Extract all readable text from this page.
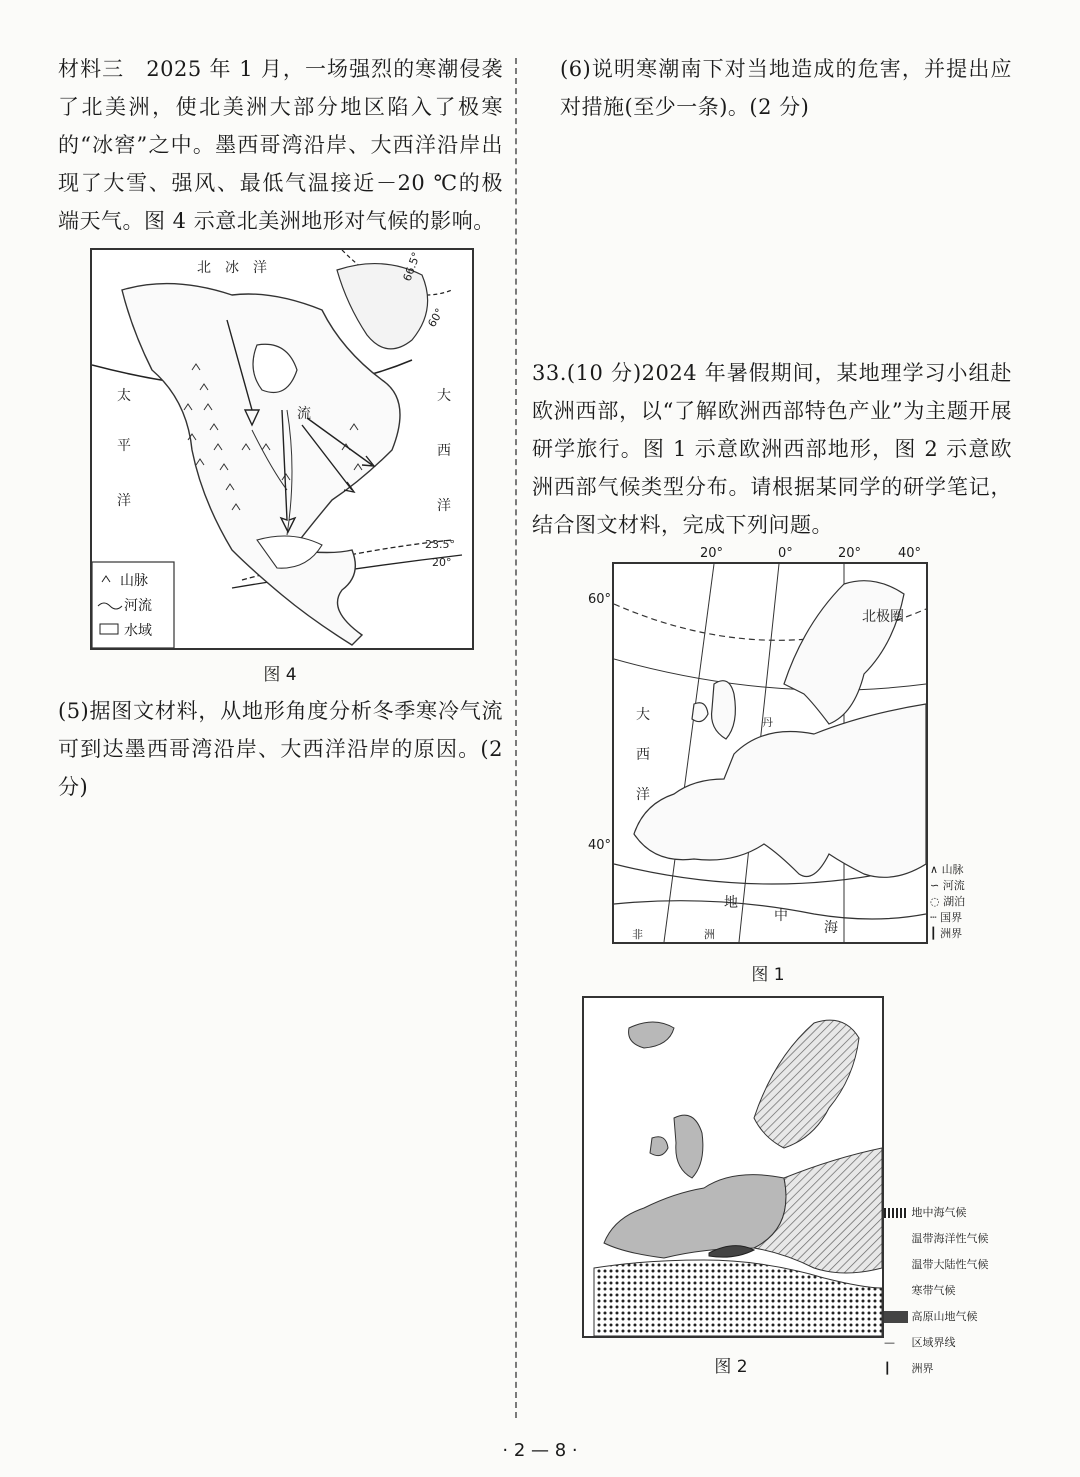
材料三　2025 年 1 月，一场强烈的寒潮侵袭了北美洲，使北美洲大部分地区陷入了极寒的“冰窖”之中。墨西哥湾沿岸、大西洋沿岸出现了大雪、强风、最低气温接近－20 ℃的极端天气。图 4 示意北美洲地形对气候的影响。

北　冰　洋
太
平
洋
大
西
洋
流
66.5°
60°
23.5°
20°
山脉
河流
水域
图 4

(5)据图文材料，从地形角度分析冬季寒冷气流可到达墨西哥湾沿岸、大西洋沿岸的原因。(2 分)

(6)说明寒潮南下对当地造成的危害，并提出应对措施(至少一条)。(2 分)

33.(10 分)2024 年暑假期间，某地理学习小组赴欧洲西部，以“了解欧洲西部特色产业”为主题开展研学旅行。图 1 示意欧洲西部地形，图 2 示意欧洲西部气候类型分布。请根据某同学的研学笔记，结合图文材料，完成下列问题。

20°	0°	20°	40°
60°
40°
北极圈
大
西
洋
地
中
海
非	洲
丹
∧ 山脉
∽ 河流
◌ 湖泊
┄ 国界
┃ 洲界
图 1
地中海气候
温带海洋性气候
温带大陆性气候
寒带气候
高原山地气候
— 区域界线
┃ 洲界
图 2
· 2 — 8 ·
